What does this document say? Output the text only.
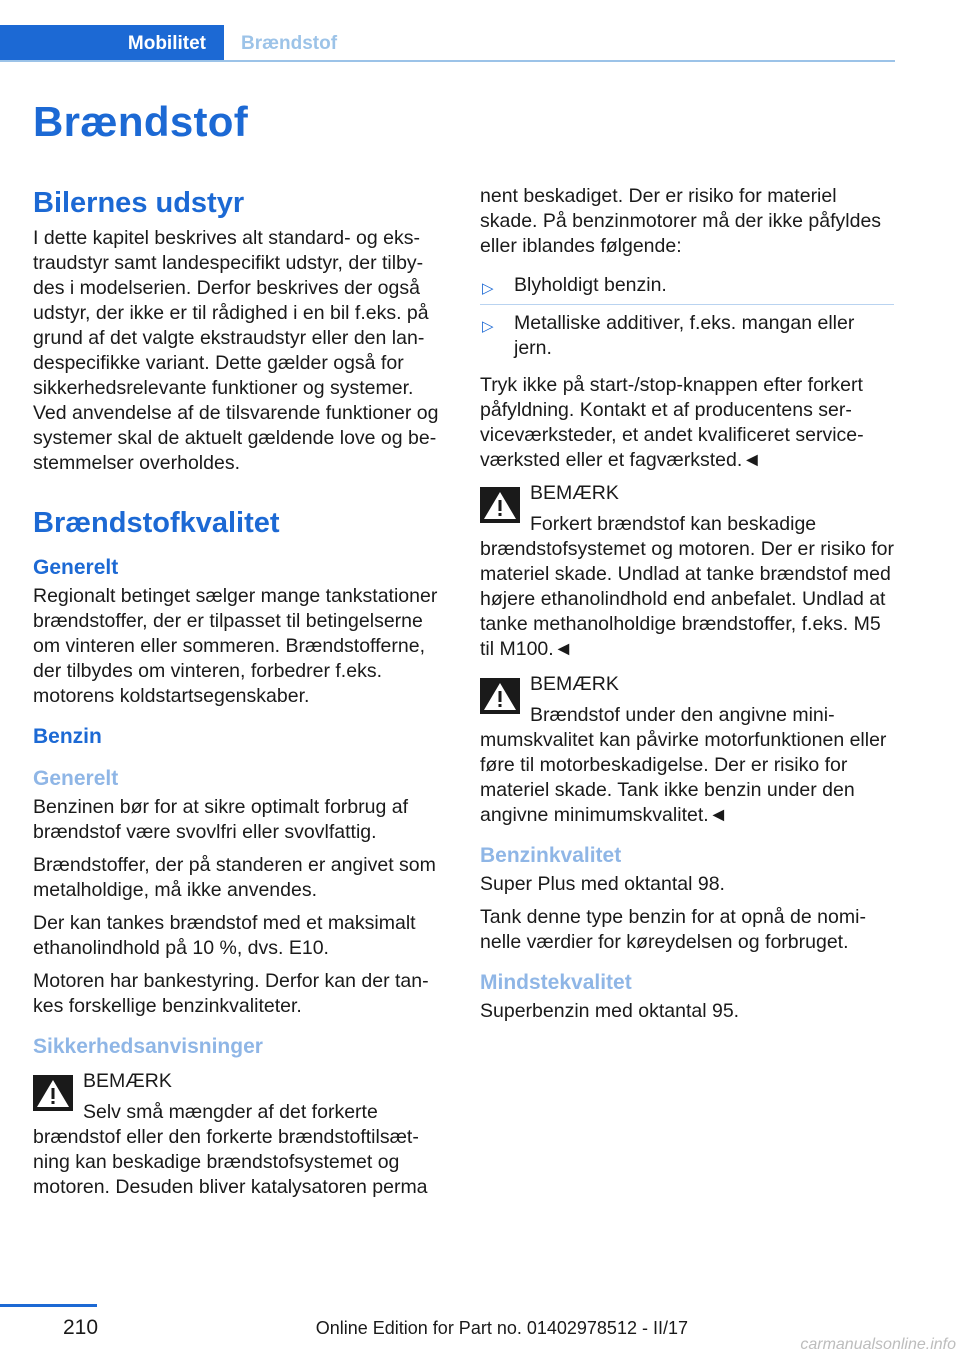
Mobilitet	Brændstof
Brændstof
Bilernes udstyr

I dette kapitel beskrives alt standard- og ekstraudstyr samt landespecifikt udstyr, der tilbydes i modelserien. Derfor beskrives der også udstyr, der ikke er til rådighed i en bil f.eks. på grund af det valgte ekstraudstyr eller den landespecifikke variant. Dette gælder også for sikkerhedsrelevante funktioner og systemer. Ved anvendelse af de tilsvarende funktioner og systemer skal de aktuelt gældende love og bestemmelser overholdes.

Brændstofkvalitet
Generelt

Regionalt betinget sælger mange tankstationer brændstoffer, der er tilpasset til betingelserne om vinteren eller sommeren. Brændstofferne, der tilbydes om vinteren, forbedrer f.eks. motorens koldstartsegenskaber.

Benzin
Generelt

Benzinen bør for at sikre optimalt forbrug af brændstof være svovlfri eller svovlfattig.

Brændstoffer, der på standeren er angivet som metalholdige, må ikke anvendes.

Der kan tankes brændstof med et maksimalt ethanolindhold på 10 %, dvs. E10.

Motoren har bankestyring. Derfor kan der tankes forskellige benzinkvaliteter.

Sikkerhedsanvisninger
BEMÆRK
Selv små mængder af det forkerte brændstof eller den forkerte brændstoftilsætning kan beskadige brændstofsystemet og motoren. Desuden bliver katalysatoren perma

nent beskadiget. Der er risiko for materiel skade. På benzinmotorer må der ikke påfyldes eller iblandes følgende:

▷ Blyholdigt benzin.
▷ Metalliske additiver, f.eks. mangan eller jern.

Tryk ikke på start-/stop-knappen efter forkert påfyldning. Kontakt et af producentens serviceværksteder, et andet kvalificeret serviceværksted eller et fagværksted.◄

BEMÆRK
Forkert brændstof kan beskadige brændstofsystemet og motoren. Der er risiko for materiel skade. Undlad at tanke brændstof med højere ethanolindhold end anbefalet. Undlad at tanke methanolholdige brændstoffer, f.eks. M5 til M100.◄
BEMÆRK
Brændstof under den angivne minimumskvalitet kan påvirke motorfunktionen eller føre til motorbeskadigelse. Der er risiko for materiel skade. Tank ikke benzin under den angivne minimumskvalitet.◄
Benzinkvalitet

Super Plus med oktantal 98.

Tank denne type benzin for at opnå de nominelle værdier for køreydelsen og forbruget.

Mindstekvalitet

Superbenzin med oktantal 95.

210	Online Edition for Part no. 01402978512 - II/17
carmanualsonline.info
